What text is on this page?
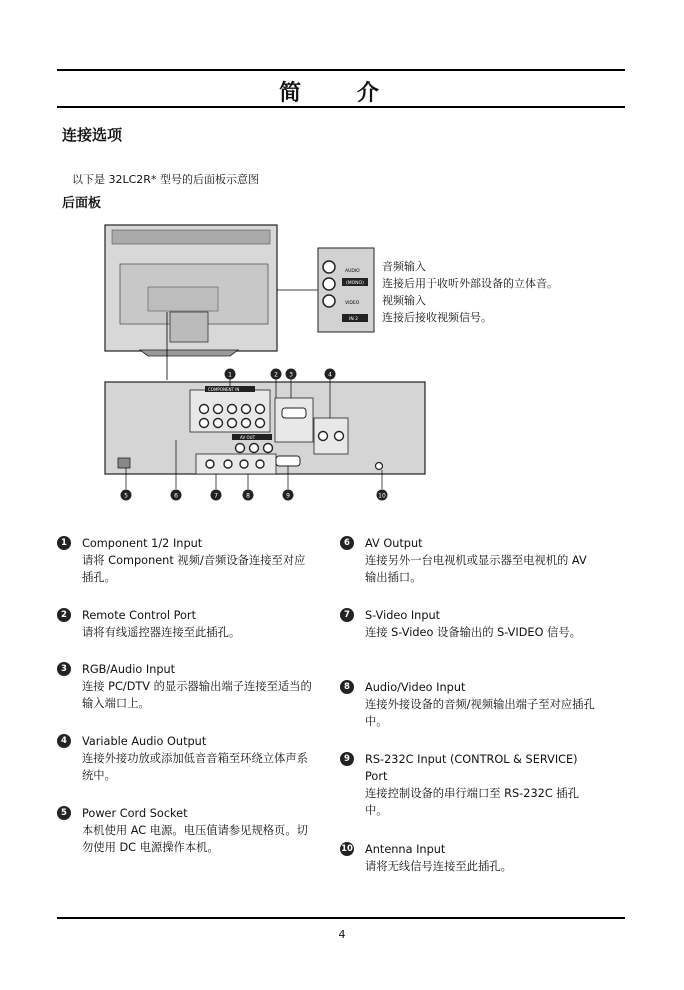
简 介
连接选项
以下是 32LC2R* 型号的后面板示意图
后面板
AUDIO
(MONO)
VIDEO
IN 2
COMPONENT IN
AV OUT
1	2 3	4
5	6	7	8	9	10
音频输入
连接后用于收听外部设备的立体音。
视频输入
连接后接收视频信号。
1	Component 1/2 Input
请将 Component 视频/音频设备连接至对应插孔。
2	Remote Control Port
请将有线遥控器连接至此插孔。
3	RGB/Audio Input
连接 PC/DTV 的显示器输出端子连接至适当的输入端口上。
4	Variable Audio Output
连接外接功放或添加低音音箱至环绕立体声系统中。
5	Power Cord Socket
本机使用 AC 电源。电压值请参见规格页。切勿使用 DC 电源操作本机。
6	AV Output
连接另外一台电视机或显示器至电视机的 AV 输出插口。
7	S-Video Input
连接 S-Video 设备输出的 S-VIDEO 信号。
8	Audio/Video Input
连接外接设备的音频/视频输出端子至对应插孔中。
9	RS-232C Input (CONTROL & SERVICE) Port
连接控制设备的串行端口至 RS-232C 插孔中。
10 Antenna Input
请将无线信号连接至此插孔。
4
